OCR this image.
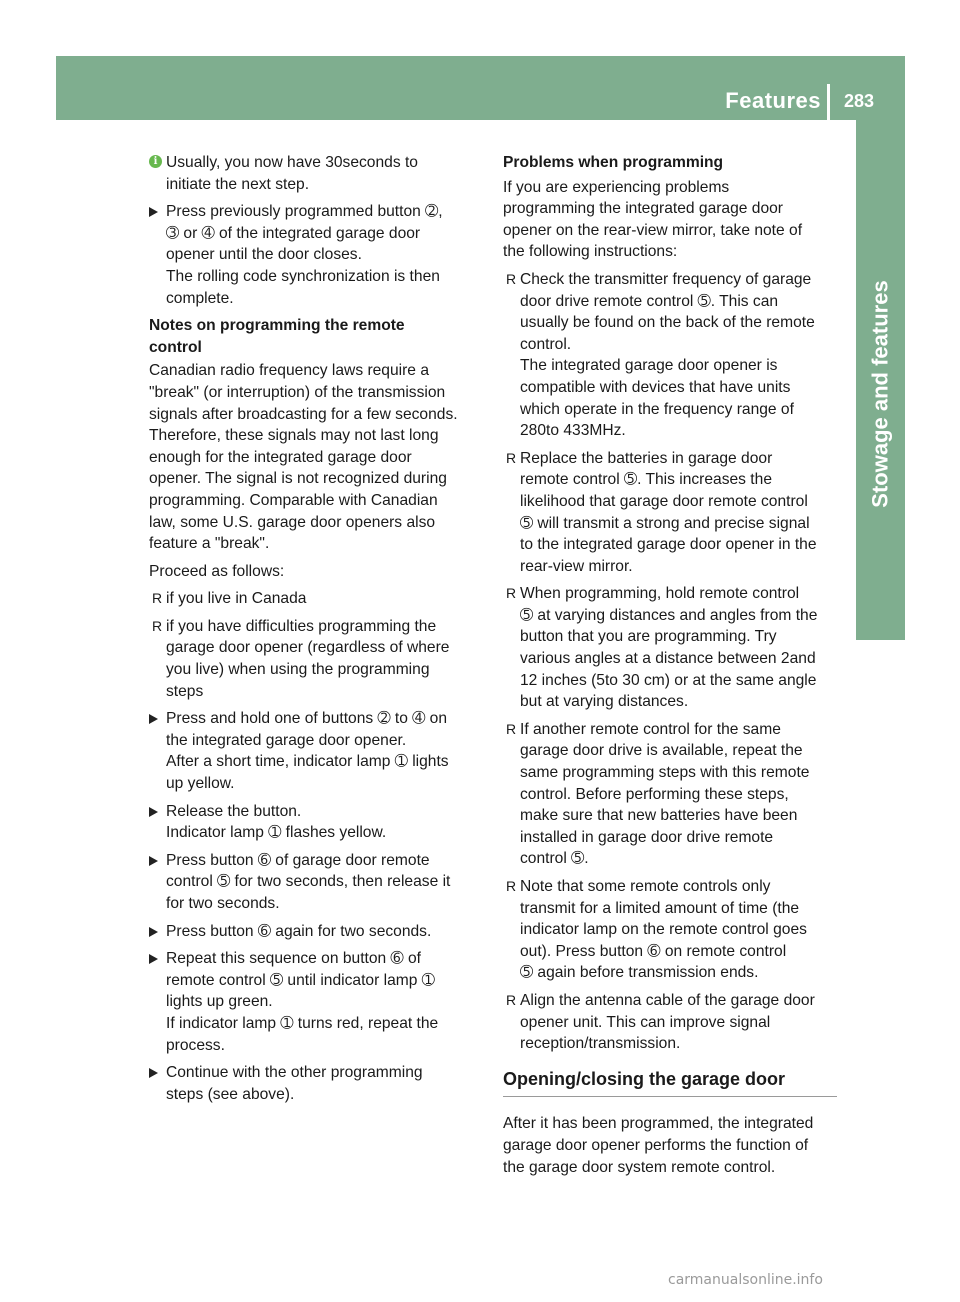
Features 283
Stowage and features
i Usually, you now have 30seconds to
initiate the next step.
Press previously programmed button ➁,
➂ or ➃ of the integrated garage door
opener until the door closes.
The rolling code synchronization is then
complete.
Notes on programming the remote
control
Canadian radio frequency laws require a
"break" (or interruption) of the transmission
signals after broadcasting for a few seconds.
Therefore, these signals may not last long
enough for the integrated garage door
opener. The signal is not recognized during
programming. Comparable with Canadian
law, some U.S. garage door openers also
feature a "break".
Proceed as follows:
R if you live in Canada
R if you have difficulties programming the
garage door opener (regardless of where
you live) when using the programming
steps
Press and hold one of buttons ➁ to ➃ on
the integrated garage door opener.
After a short time, indicator lamp ➀ lights
up yellow.
Release the button.
Indicator lamp ➀ flashes yellow.
Press button ➅ of garage door remote
control ➄ for two seconds, then release it
for two seconds.
Press button ➅ again for two seconds.
Repeat this sequence on button ➅ of
remote control ➄ until indicator lamp ➀
lights up green.
If indicator lamp ➀ turns red, repeat the
process.
Continue with the other programming
steps (see above).
Problems when programming
If you are experiencing problems
programming the integrated garage door
opener on the rear-view mirror, take note of
the following instructions:
R Check the transmitter frequency of garage
door drive remote control ➄. This can
usually be found on the back of the remote
control.
The integrated garage door opener is
compatible with devices that have units
which operate in the frequency range of
280to 433MHz.
R Replace the batteries in garage door
remote control ➄. This increases the
likelihood that garage door remote control
➄ will transmit a strong and precise signal
to the integrated garage door opener in the
rear-view mirror.
R When programming, hold remote control
➄ at varying distances and angles from the
button that you are programming. Try
various angles at a distance between 2and
12 inches (5to 30 cm) or at the same angle
but at varying distances.
R If another remote control for the same
garage door drive is available, repeat the
same programming steps with this remote
control. Before performing these steps,
make sure that new batteries have been
installed in garage door drive remote
control ➄.
R Note that some remote controls only
transmit for a limited amount of time (the
indicator lamp on the remote control goes
out). Press button ➅ on remote control
➄ again before transmission ends.
R Align the antenna cable of the garage door
opener unit. This can improve signal
reception/transmission.
Opening/closing the garage door
After it has been programmed, the integrated
garage door opener performs the function of
the garage door system remote control.
carmanualsonline.info
